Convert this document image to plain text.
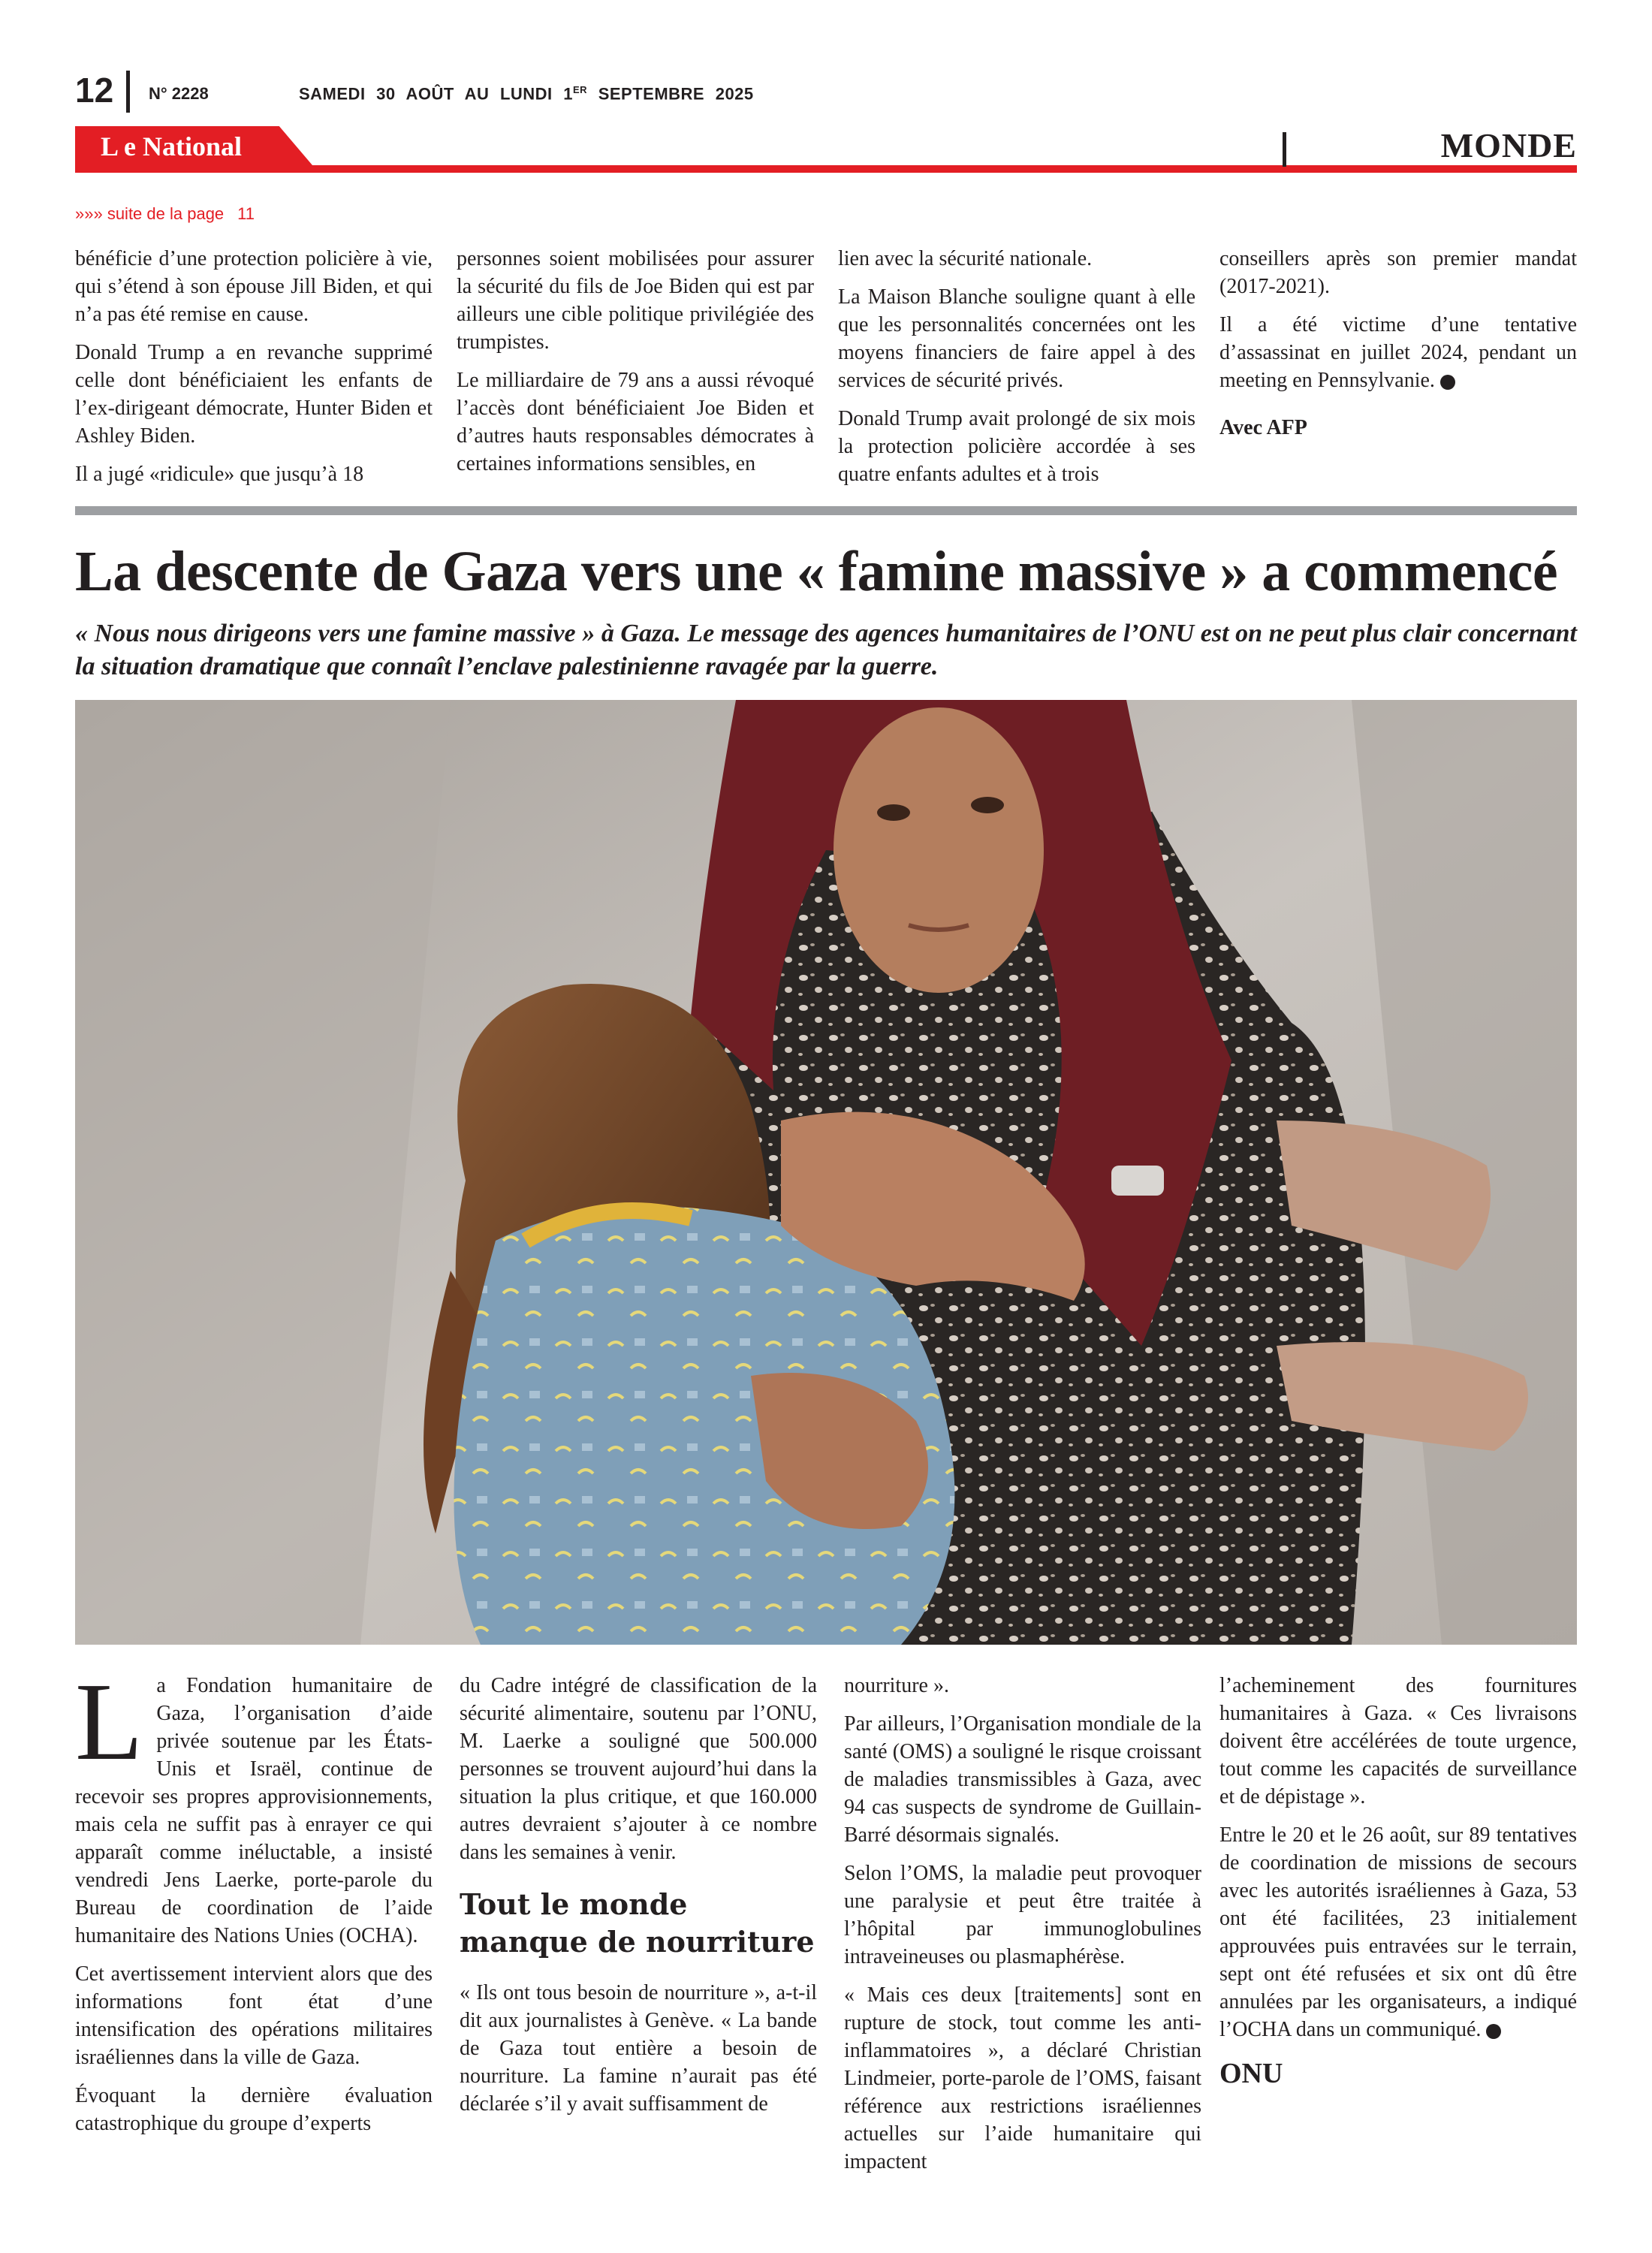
12 N° 2228	SAMEDI 30 AOÛT AU LUNDI 1ER SEPTEMBRE 2025
L e National	MONDE
»»» suite de la page 11

bénéficie d’une protection policière à vie, qui s’étend à son épouse Jill Biden, et qui n’a pas été remise en cause.

Donald Trump a en revanche supprimé celle dont bénéficiaient les enfants de l’ex-dirigeant démocrate, Hunter Biden et Ashley Biden.

Il a jugé «ridicule» que jusqu’à 18

personnes soient mobilisées pour assurer la sécurité du fils de Joe Biden qui est par ailleurs une cible politique privilégiée des trumpistes.

Le milliardaire de 79 ans a aussi révoqué l’accès dont bénéficiaient Joe Biden et d’autres hauts responsables démocrates à certaines informations sensibles, en

lien avec la sécurité nationale.

La Maison Blanche souligne quant à elle que les personnalités concernées ont les moyens financiers de faire appel à des services de sécurité privés.

Donald Trump avait prolongé de six mois la protection policière accordée à ses quatre enfants adultes et à trois

conseillers après son premier mandat (2017-2021).

Il a été victime d’une tentative d’assassinat en juillet 2024, pendant un meeting en Pennsylvanie.

Avec AFP

La descente de Gaza vers une « famine massive » a commencé
« Nous nous dirigeons vers une famine massive » à Gaza. Le message des agences humanitaires de l’ONU est on ne peut plus clair concernant la situation dramatique que connaît l’enclave palestinienne ravagée par la guerre.

La Fondation humanitaire de Gaza, l’organisation d’aide privée soutenue par les États-Unis et Israël, continue de recevoir ses propres approvisionnements, mais cela ne suffit pas à enrayer ce qui apparaît comme inéluctable, a insisté vendredi Jens Laerke, porte-parole du Bureau de coordination de l’aide humanitaire des Nations Unies (OCHA).

Cet avertissement intervient alors que des informations font état d’une intensification des opérations militaires israéliennes dans la ville de Gaza.

Évoquant la dernière évaluation catastrophique du groupe d’experts

du Cadre intégré de classification de la sécurité alimentaire, soutenu par l’ONU, M. Laerke a souligné que 500.000 personnes se trouvent aujourd’hui dans la situation la plus critique, et que 160.000 autres devraient s’ajouter à ce nombre dans les semaines à venir.

Tout le monde manque de nourriture

« Ils ont tous besoin de nourriture », a-t-il dit aux journalistes à Genève. « La bande de Gaza tout entière a besoin de nourriture. La famine n’aurait pas été déclarée s’il y avait suffisamment de

nourriture ».

Par ailleurs, l’Organisation mondiale de la santé (OMS) a souligné le risque croissant de maladies transmissibles à Gaza, avec 94 cas suspects de syndrome de Guillain-Barré désormais signalés.

Selon l’OMS, la maladie peut provoquer une paralysie et peut être traitée à l’hôpital par immunoglobulines intraveineuses ou plasmaphérèse.

« Mais ces deux [traitements] sont en rupture de stock, tout comme les anti-inflammatoires », a déclaré Christian Lindmeier, porte-parole de l’OMS, faisant référence aux restrictions israéliennes actuelles sur l’aide humanitaire qui impactent

l’acheminement des fournitures humanitaires à Gaza. « Ces livraisons doivent être accélérées de toute urgence, tout comme les capacités de surveillance et de dépistage ».

Entre le 20 et le 26 août, sur 89 tentatives de coordination de missions de secours avec les autorités israéliennes à Gaza, 53 ont été facilitées, 23 initialement approuvées puis entravées sur le terrain, sept ont été refusées et six ont dû être annulées par les organisateurs, a indiqué l’OCHA dans un communiqué.

ONU
